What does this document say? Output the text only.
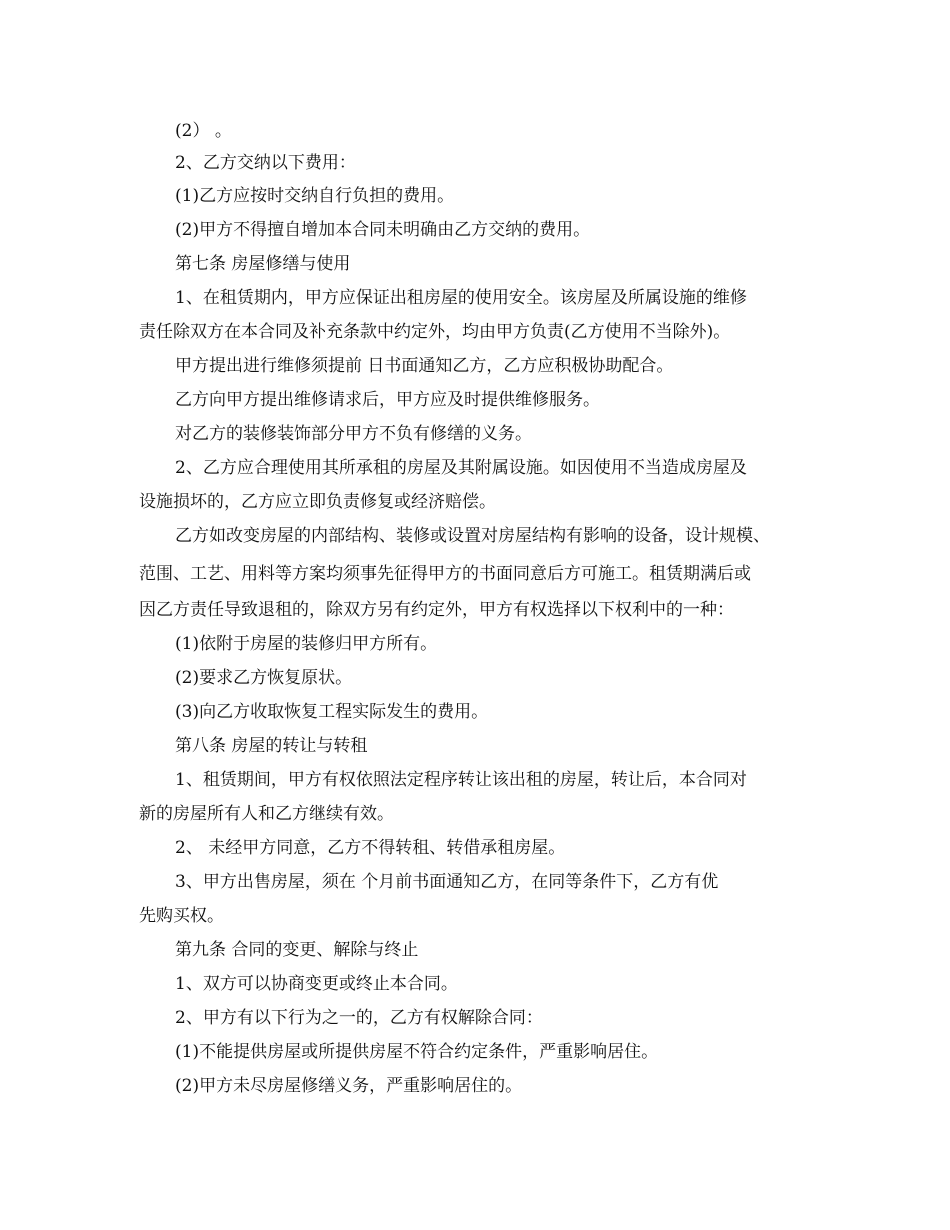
(2） 。
2、乙方交纳以下费用：
(1)乙方应按时交纳自行负担的费用。
(2)甲方不得擅自增加本合同未明确由乙方交纳的费用。
第七条 房屋修缮与使用
1、在租赁期内，甲方应保证出租房屋的使用安全。该房屋及所属设施的维修
责任除双方在本合同及补充条款中约定外，均由甲方负责(乙方使用不当除外)。
甲方提出进行维修须提前 日书面通知乙方，乙方应积极协助配合。
乙方向甲方提出维修请求后，甲方应及时提供维修服务。
对乙方的装修装饰部分甲方不负有修缮的义务。
2、乙方应合理使用其所承租的房屋及其附属设施。如因使用不当造成房屋及
设施损坏的，乙方应立即负责修复或经济赔偿。
乙方如改变房屋的内部结构、装修或设置对房屋结构有影响的设备，设计规模、
范围、工艺、用料等方案均须事先征得甲方的书面同意后方可施工。租赁期满后或
因乙方责任导致退租的，除双方另有约定外，甲方有权选择以下权利中的一种：
(1)依附于房屋的装修归甲方所有。
(2)要求乙方恢复原状。
(3)向乙方收取恢复工程实际发生的费用。
第八条 房屋的转让与转租
1、租赁期间，甲方有权依照法定程序转让该出租的房屋，转让后，本合同对
新的房屋所有人和乙方继续有效。
2、 未经甲方同意，乙方不得转租、转借承租房屋。
3、甲方出售房屋，须在 个月前书面通知乙方，在同等条件下，乙方有优
先购买权。
第九条 合同的变更、解除与终止
1、双方可以协商变更或终止本合同。
2、甲方有以下行为之一的，乙方有权解除合同：
(1)不能提供房屋或所提供房屋不符合约定条件，严重影响居住。
(2)甲方未尽房屋修缮义务，严重影响居住的。
